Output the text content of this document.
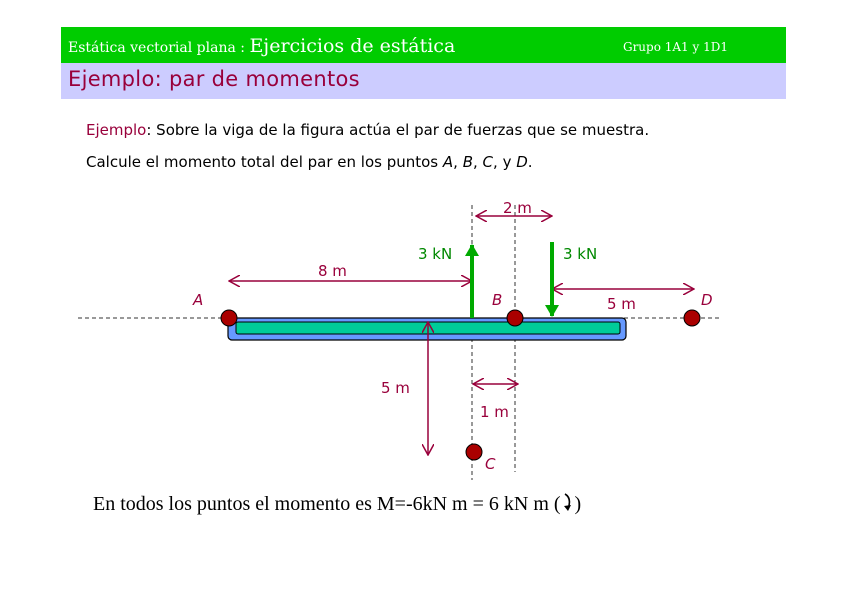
Estática vectorial plana : Ejercicios de estática	Grupo 1A1 y 1D1
Ejemplo: par de momentos
Ejemplo: Sobre la viga de la figura actúa el par de fuerzas que se muestra.
Calcule el momento total del par en los puntos A, B, C, y D.
A	B	D
C
2 m
8 m
5 m
5 m
1 m
3 kN	3 kN
En todos los puntos el momento es M=-6kN m = 6 kN m ( )
